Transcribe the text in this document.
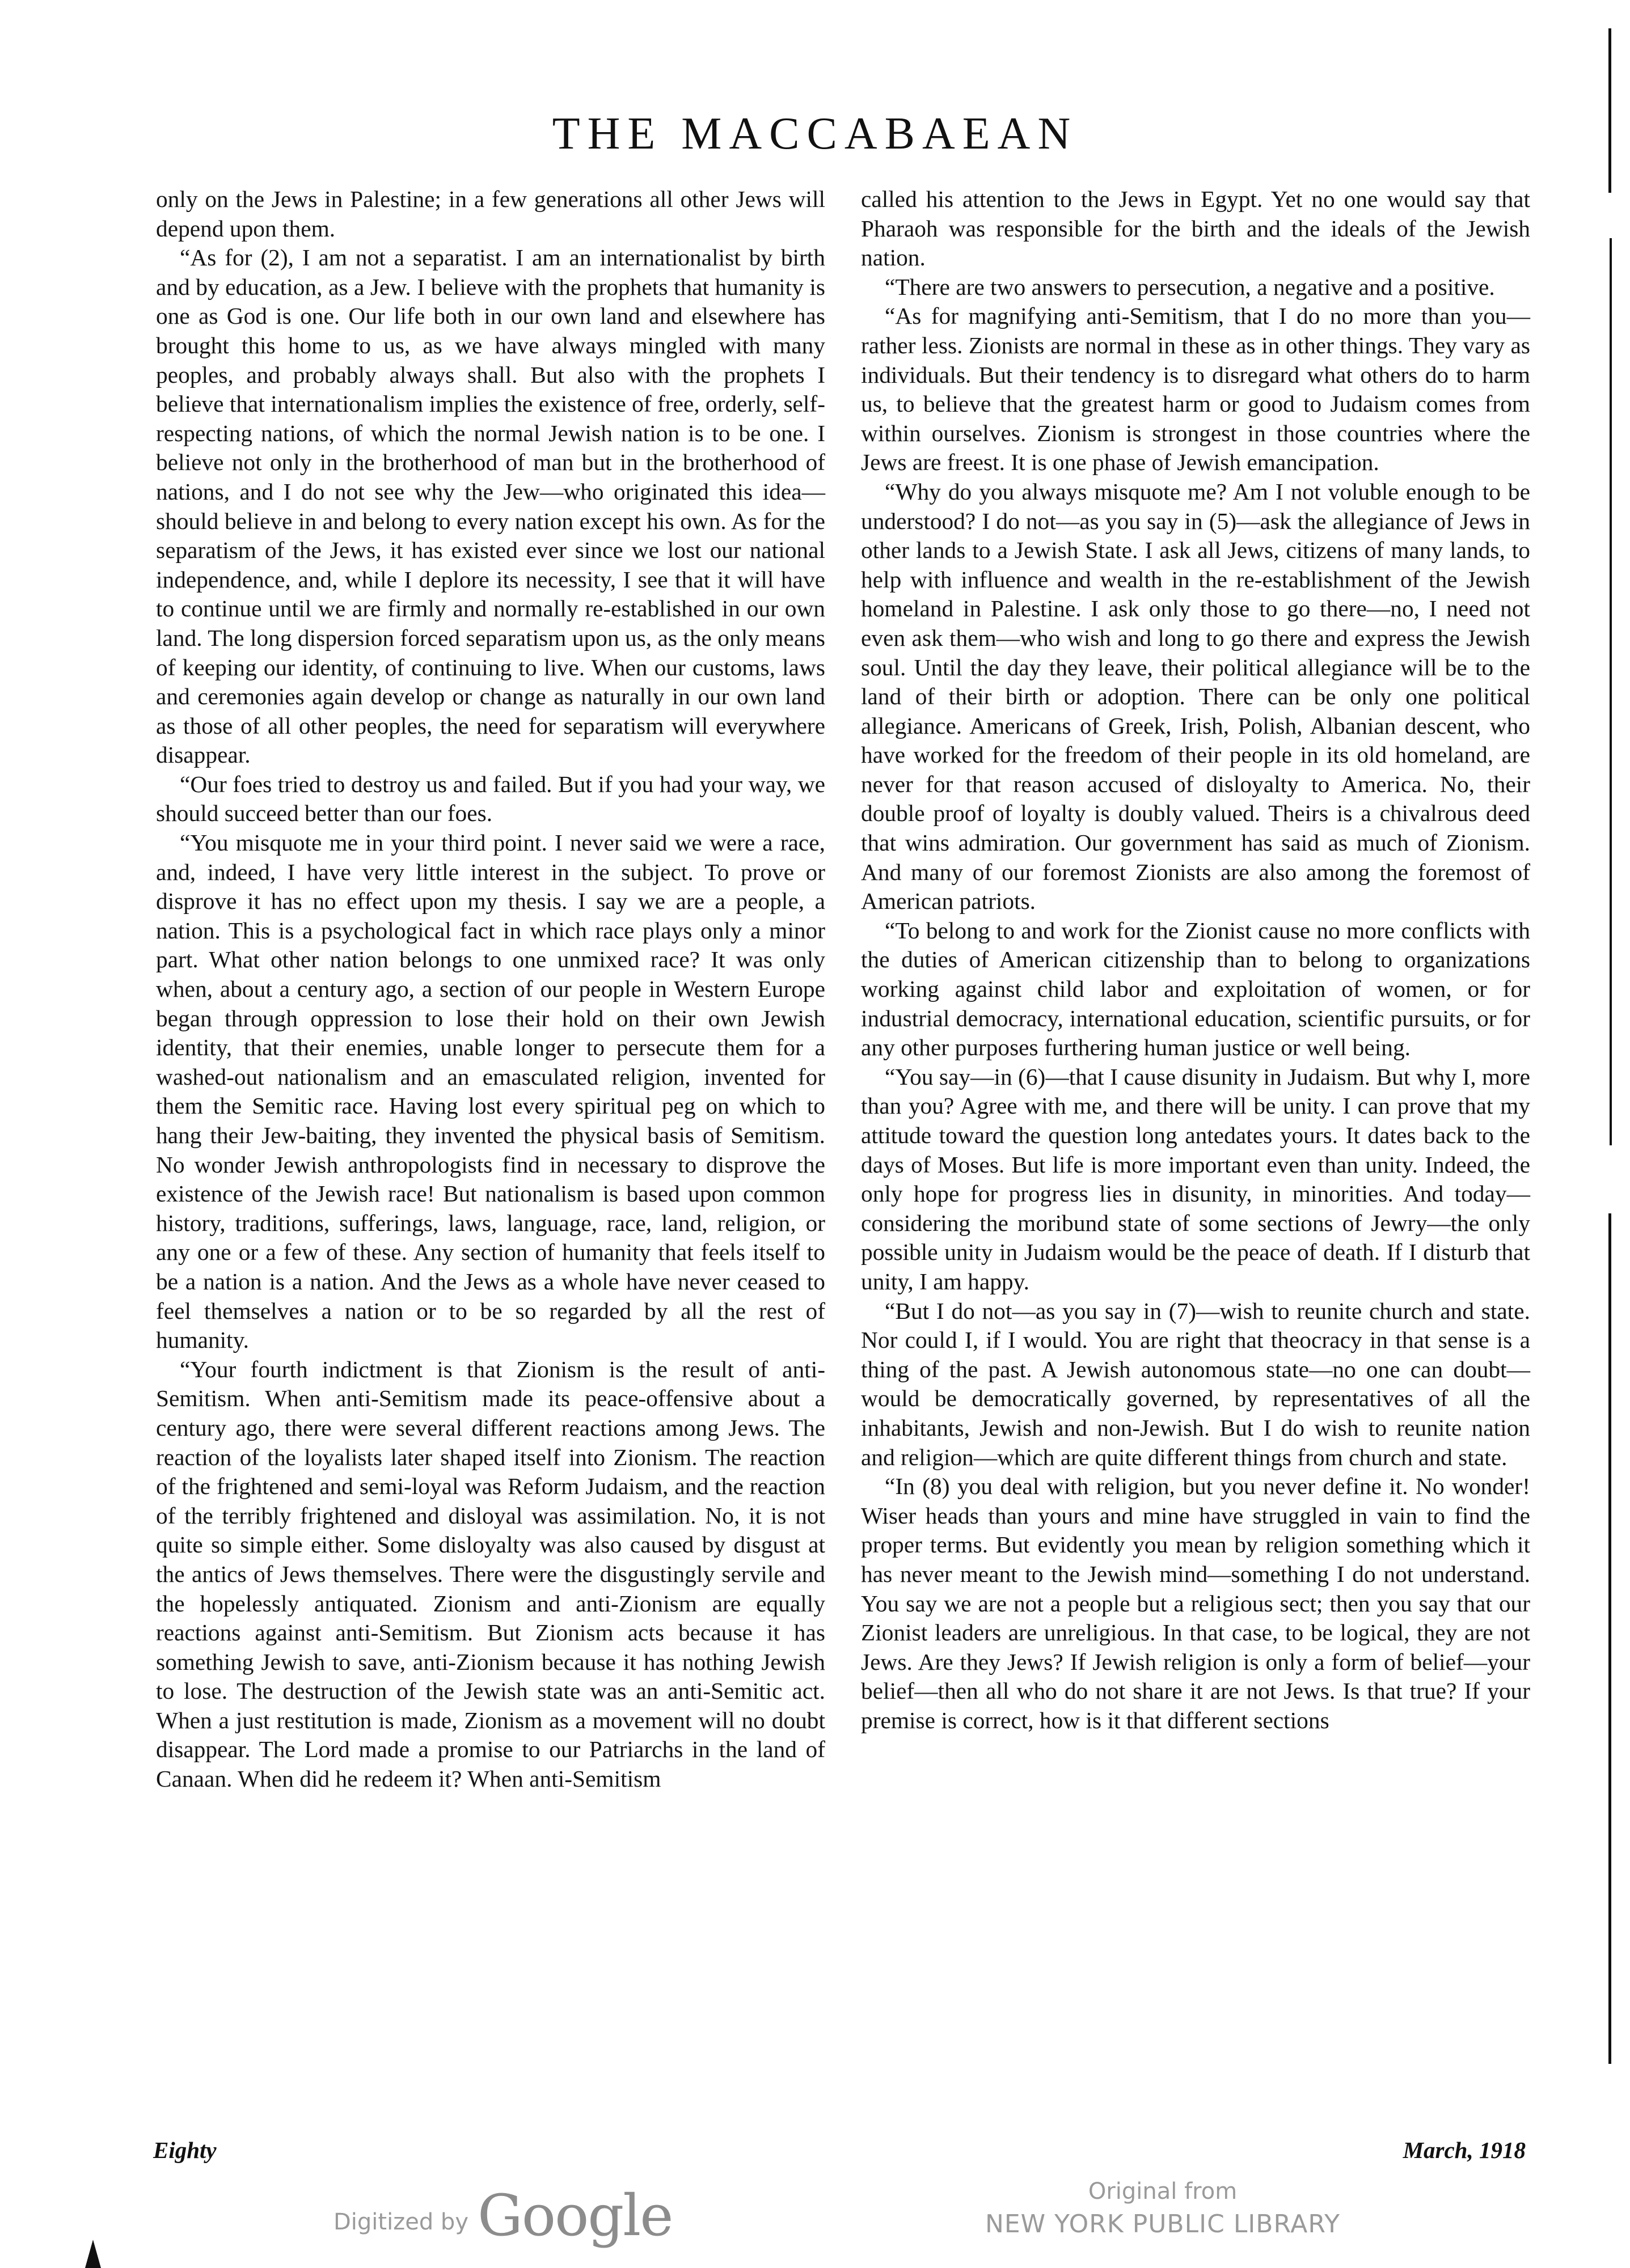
THE MACCABAEAN

only on the Jews in Palestine; in a few generations all other Jews will depend upon them.

“As for (2), I am not a separatist. I am an internationalist by birth and by education, as a Jew. I believe with the prophets that humanity is one as God is one. Our life both in our own land and elsewhere has brought this home to us, as we have always mingled with many peoples, and probably always shall. But also with the prophets I believe that internationalism implies the existence of free, orderly, self-respecting nations, of which the normal Jewish nation is to be one. I believe not only in the brotherhood of man but in the brotherhood of nations, and I do not see why the Jew—who originated this idea—should believe in and belong to every nation except his own. As for the separatism of the Jews, it has existed ever since we lost our national independence, and, while I deplore its necessity, I see that it will have to continue until we are firmly and normally re-established in our own land. The long dispersion forced separatism upon us, as the only means of keeping our identity, of continuing to live. When our customs, laws and ceremonies again develop or change as naturally in our own land as those of all other peoples, the need for separatism will everywhere disappear.

“Our foes tried to destroy us and failed. But if you had your way, we should succeed better than our foes.

“You misquote me in your third point. I never said we were a race, and, indeed, I have very little interest in the subject. To prove or disprove it has no effect upon my thesis. I say we are a people, a nation. This is a psychological fact in which race plays only a minor part. What other nation belongs to one unmixed race? It was only when, about a century ago, a section of our people in Western Europe began through oppression to lose their hold on their own Jewish identity, that their enemies, unable longer to persecute them for a washed-out nationalism and an emasculated religion, invented for them the Semitic race. Having lost every spiritual peg on which to hang their Jew-baiting, they invented the physical basis of Semitism. No wonder Jewish anthropologists find in necessary to disprove the existence of the Jewish race! But nationalism is based upon common history, traditions, sufferings, laws, language, race, land, religion, or any one or a few of these. Any section of humanity that feels itself to be a nation is a nation. And the Jews as a whole have never ceased to feel themselves a nation or to be so regarded by all the rest of humanity.

“Your fourth indictment is that Zionism is the result of anti-Semitism. When anti-Semitism made its peace-offensive about a century ago, there were several different reactions among Jews. The reaction of the loyalists later shaped itself into Zionism. The reaction of the frightened and semi-loyal was Reform Judaism, and the reaction of the terribly frightened and disloyal was assimilation. No, it is not quite so simple either. Some disloyalty was also caused by disgust at the antics of Jews themselves. There were the disgustingly servile and the hopelessly antiquated. Zionism and anti-Zionism are equally reactions against anti-Semitism. But Zionism acts because it has something Jewish to save, anti-Zionism because it has nothing Jewish to lose. The destruction of the Jewish state was an anti-Semitic act. When a just restitution is made, Zionism as a movement will no doubt disappear. The Lord made a promise to our Patriarchs in the land of Canaan. When did he redeem it? When anti-Semitism

called his attention to the Jews in Egypt. Yet no one would say that Pharaoh was responsible for the birth and the ideals of the Jewish nation.

“There are two answers to persecution, a negative and a positive.

“As for magnifying anti-Semitism, that I do no more than you—rather less. Zionists are normal in these as in other things. They vary as individuals. But their tendency is to disregard what others do to harm us, to believe that the greatest harm or good to Judaism comes from within ourselves. Zionism is strongest in those countries where the Jews are freest. It is one phase of Jewish emancipation.

“Why do you always misquote me? Am I not voluble enough to be understood? I do not—as you say in (5)—ask the allegiance of Jews in other lands to a Jewish State. I ask all Jews, citizens of many lands, to help with influence and wealth in the re-establishment of the Jewish homeland in Palestine. I ask only those to go there—no, I need not even ask them—who wish and long to go there and express the Jewish soul. Until the day they leave, their political allegiance will be to the land of their birth or adoption. There can be only one political allegiance. Americans of Greek, Irish, Polish, Albanian descent, who have worked for the freedom of their people in its old homeland, are never for that reason accused of disloyalty to America. No, their double proof of loyalty is doubly valued. Theirs is a chivalrous deed that wins admiration. Our government has said as much of Zionism. And many of our foremost Zionists are also among the foremost of American patriots.

“To belong to and work for the Zionist cause no more conflicts with the duties of American citizenship than to belong to organizations working against child labor and exploitation of women, or for industrial democracy, international education, scientific pursuits, or for any other purposes furthering human justice or well being.

“You say—in (6)—that I cause disunity in Judaism. But why I, more than you? Agree with me, and there will be unity. I can prove that my attitude toward the question long antedates yours. It dates back to the days of Moses. But life is more important even than unity. Indeed, the only hope for progress lies in disunity, in minorities. And today—considering the moribund state of some sections of Jewry—the only possible unity in Judaism would be the peace of death. If I disturb that unity, I am happy.

“But I do not—as you say in (7)—wish to reunite church and state. Nor could I, if I would. You are right that theocracy in that sense is a thing of the past. A Jewish autonomous state—no one can doubt—would be democratically governed, by representatives of all the inhabitants, Jewish and non-Jewish. But I do wish to reunite nation and religion—which are quite different things from church and state.

“In (8) you deal with religion, but you never define it. No wonder! Wiser heads than yours and mine have struggled in vain to find the proper terms. But evidently you mean by religion something which it has never meant to the Jewish mind—something I do not understand. You say we are not a people but a religious sect; then you say that our Zionist leaders are unreligious. In that case, to be logical, they are not Jews. Are they Jews? If Jewish religion is only a form of belief—your belief—then all who do not share it are not Jews. Is that true? If your premise is correct, how is it that different sections

Eighty	March, 1918
Digitized by Google	Original from
NEW YORK PUBLIC LIBRARY
